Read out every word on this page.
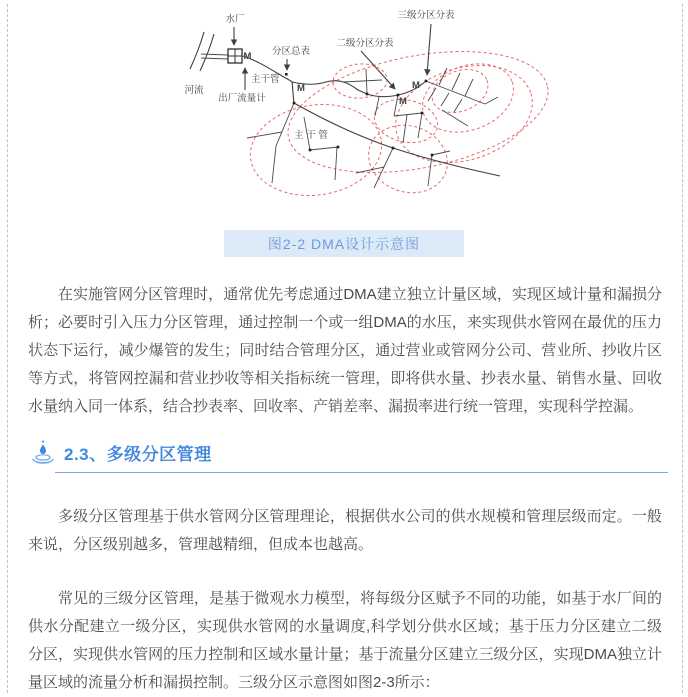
水厂
河流
出厂流量计
主干管
分区总表
二级分区分表
三级分区分表
主 干 管
M
M
M
M
图2-2 DMA设计示意图

在实施管网分区管理时，通常优先考虑通过DMA建立独立计量区域，实现区域计量和漏损分析；必要时引入压力分区管理，通过控制一个或一组DMA的水压，来实现供水管网在最优的压力状态下运行，减少爆管的发生；同时结合管理分区，通过营业或管网分公司、营业所、抄收片区等方式，将管网控漏和营业抄收等相关指标统一管理，即将供水量、抄表水量、销售水量、回收水量纳入同一体系，结合抄表率、回收率、产销差率、漏损率进行统一管理，实现科学控漏。

2.3、多级分区管理

多级分区管理基于供水管网分区管理理论，根据供水公司的供水规模和管理层级而定。一般来说，分区级别越多，管理越精细，但成本也越高。

常见的三级分区管理，是基于微观水力模型，将每级分区赋予不同的功能，如基于水厂间的供水分配建立一级分区，实现供水管网的水量调度,科学划分供水区域；基于压力分区建立二级分区，实现供水管网的压力控制和区域水量计量；基于流量分区建立三级分区，实现DMA独立计量区域的流量分析和漏损控制。三级分区示意图如图2-3所示：
